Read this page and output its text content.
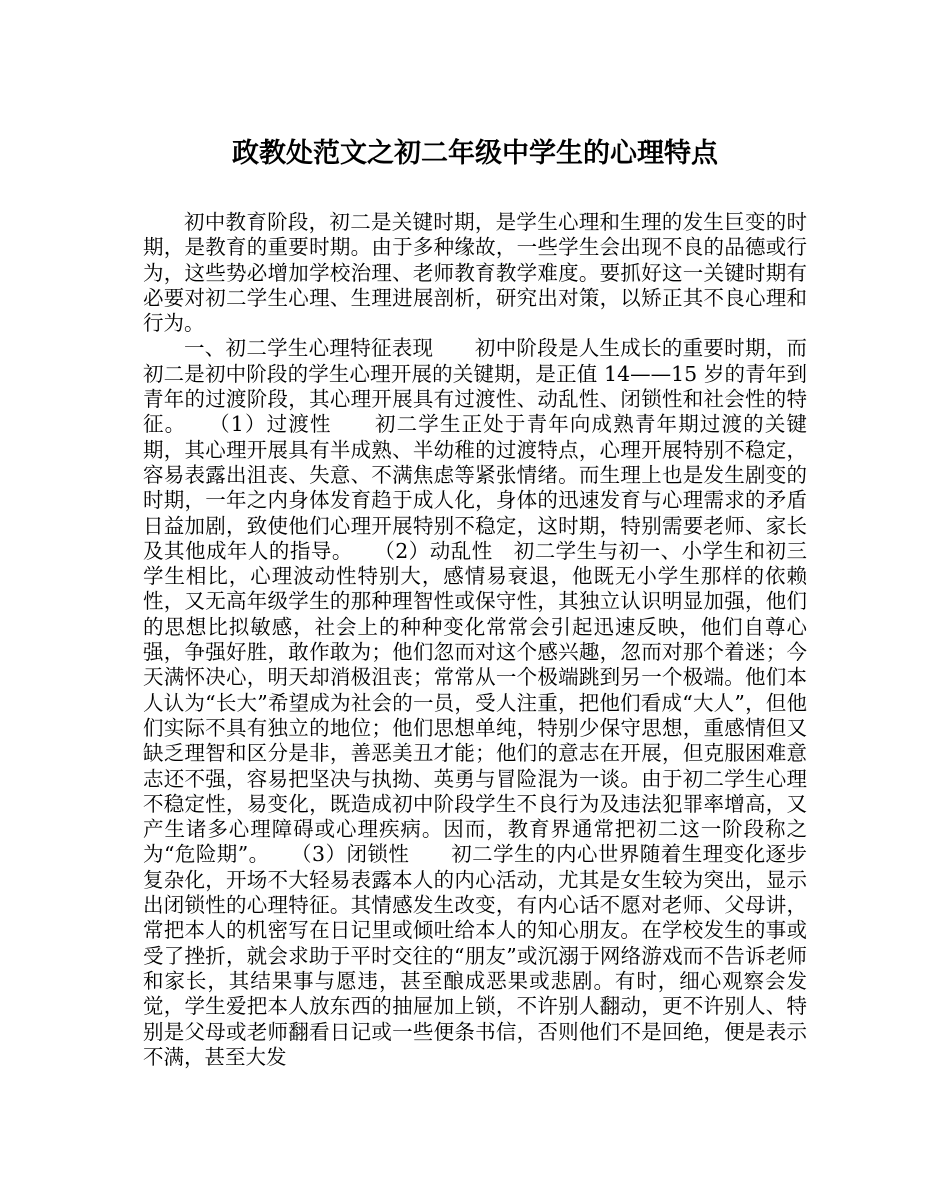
政教处范文之初二年级中学生的心理特点

初中教育阶段，初二是关键时期，是学生心理和生理的发生巨变的时期，是教育的重要时期。由于多种缘故，一些学生会出现不良的品德或行为，这些势必增加学校治理、老师教育教学难度。要抓好这一关键时期有必要对初二学生心理、生理进展剖析，研究出对策，以矫正其不良心理和行为。

一、初二学生心理特征表现　　初中阶段是人生成长的重要时期，而初二是初中阶段的学生心理开展的关键期，是正值 14——15 岁的青年到青年的过渡阶段，其心理开展具有过渡性、动乱性、闭锁性和社会性的特征。　　（1）过渡性　　初二学生正处于青年向成熟青年期过渡的关键期，其心理开展具有半成熟、半幼稚的过渡特点，心理开展特别不稳定，容易表露出沮丧、失意、不满焦虑等紧张情绪。而生理上也是发生剧变的时期，一年之内身体发育趋于成人化，身体的迅速发育与心理需求的矛盾日益加剧，致使他们心理开展特别不稳定，这时期，特别需要老师、家长及其他成年人的指导。　　（2）动乱性　初二学生与初一、小学生和初三学生相比，心理波动性特别大，感情易衰退，他既无小学生那样的依赖性，又无高年级学生的那种理智性或保守性，其独立认识明显加强，他们的思想比拟敏感，社会上的种种变化常常会引起迅速反映，他们自尊心强，争强好胜，敢作敢为；他们忽而对这个感兴趣，忽而对那个着迷；今天满怀决心，明天却消极沮丧；常常从一个极端跳到另一个极端。他们本人认为“长大”希望成为社会的一员，受人注重，把他们看成“大人”，但他们实际不具有独立的地位；他们思想单纯，特别少保守思想，重感情但又缺乏理智和区分是非，善恶美丑才能；他们的意志在开展，但克服困难意志还不强，容易把坚决与执拗、英勇与冒险混为一谈。由于初二学生心理不稳定性，易变化，既造成初中阶段学生不良行为及违法犯罪率增高，又产生诸多心理障碍或心理疾病。因而，教育界通常把初二这一阶段称之为“危险期”。　　（3）闭锁性　　初二学生的内心世界随着生理变化逐步复杂化，开场不大轻易表露本人的内心活动，尤其是女生较为突出，显示出闭锁性的心理特征。其情感发生改变，有内心话不愿对老师、父母讲，常把本人的机密写在日记里或倾吐给本人的知心朋友。在学校发生的事或受了挫折，就会求助于平时交往的“朋友”或沉溺于网络游戏而不告诉老师和家长，其结果事与愿违，甚至酿成恶果或悲剧。有时，细心观察会发觉，学生爱把本人放东西的抽屉加上锁，不许别人翻动，更不许别人、特别是父母或老师翻看日记或一些便条书信，否则他们不是回绝，便是表示不满，甚至大发
